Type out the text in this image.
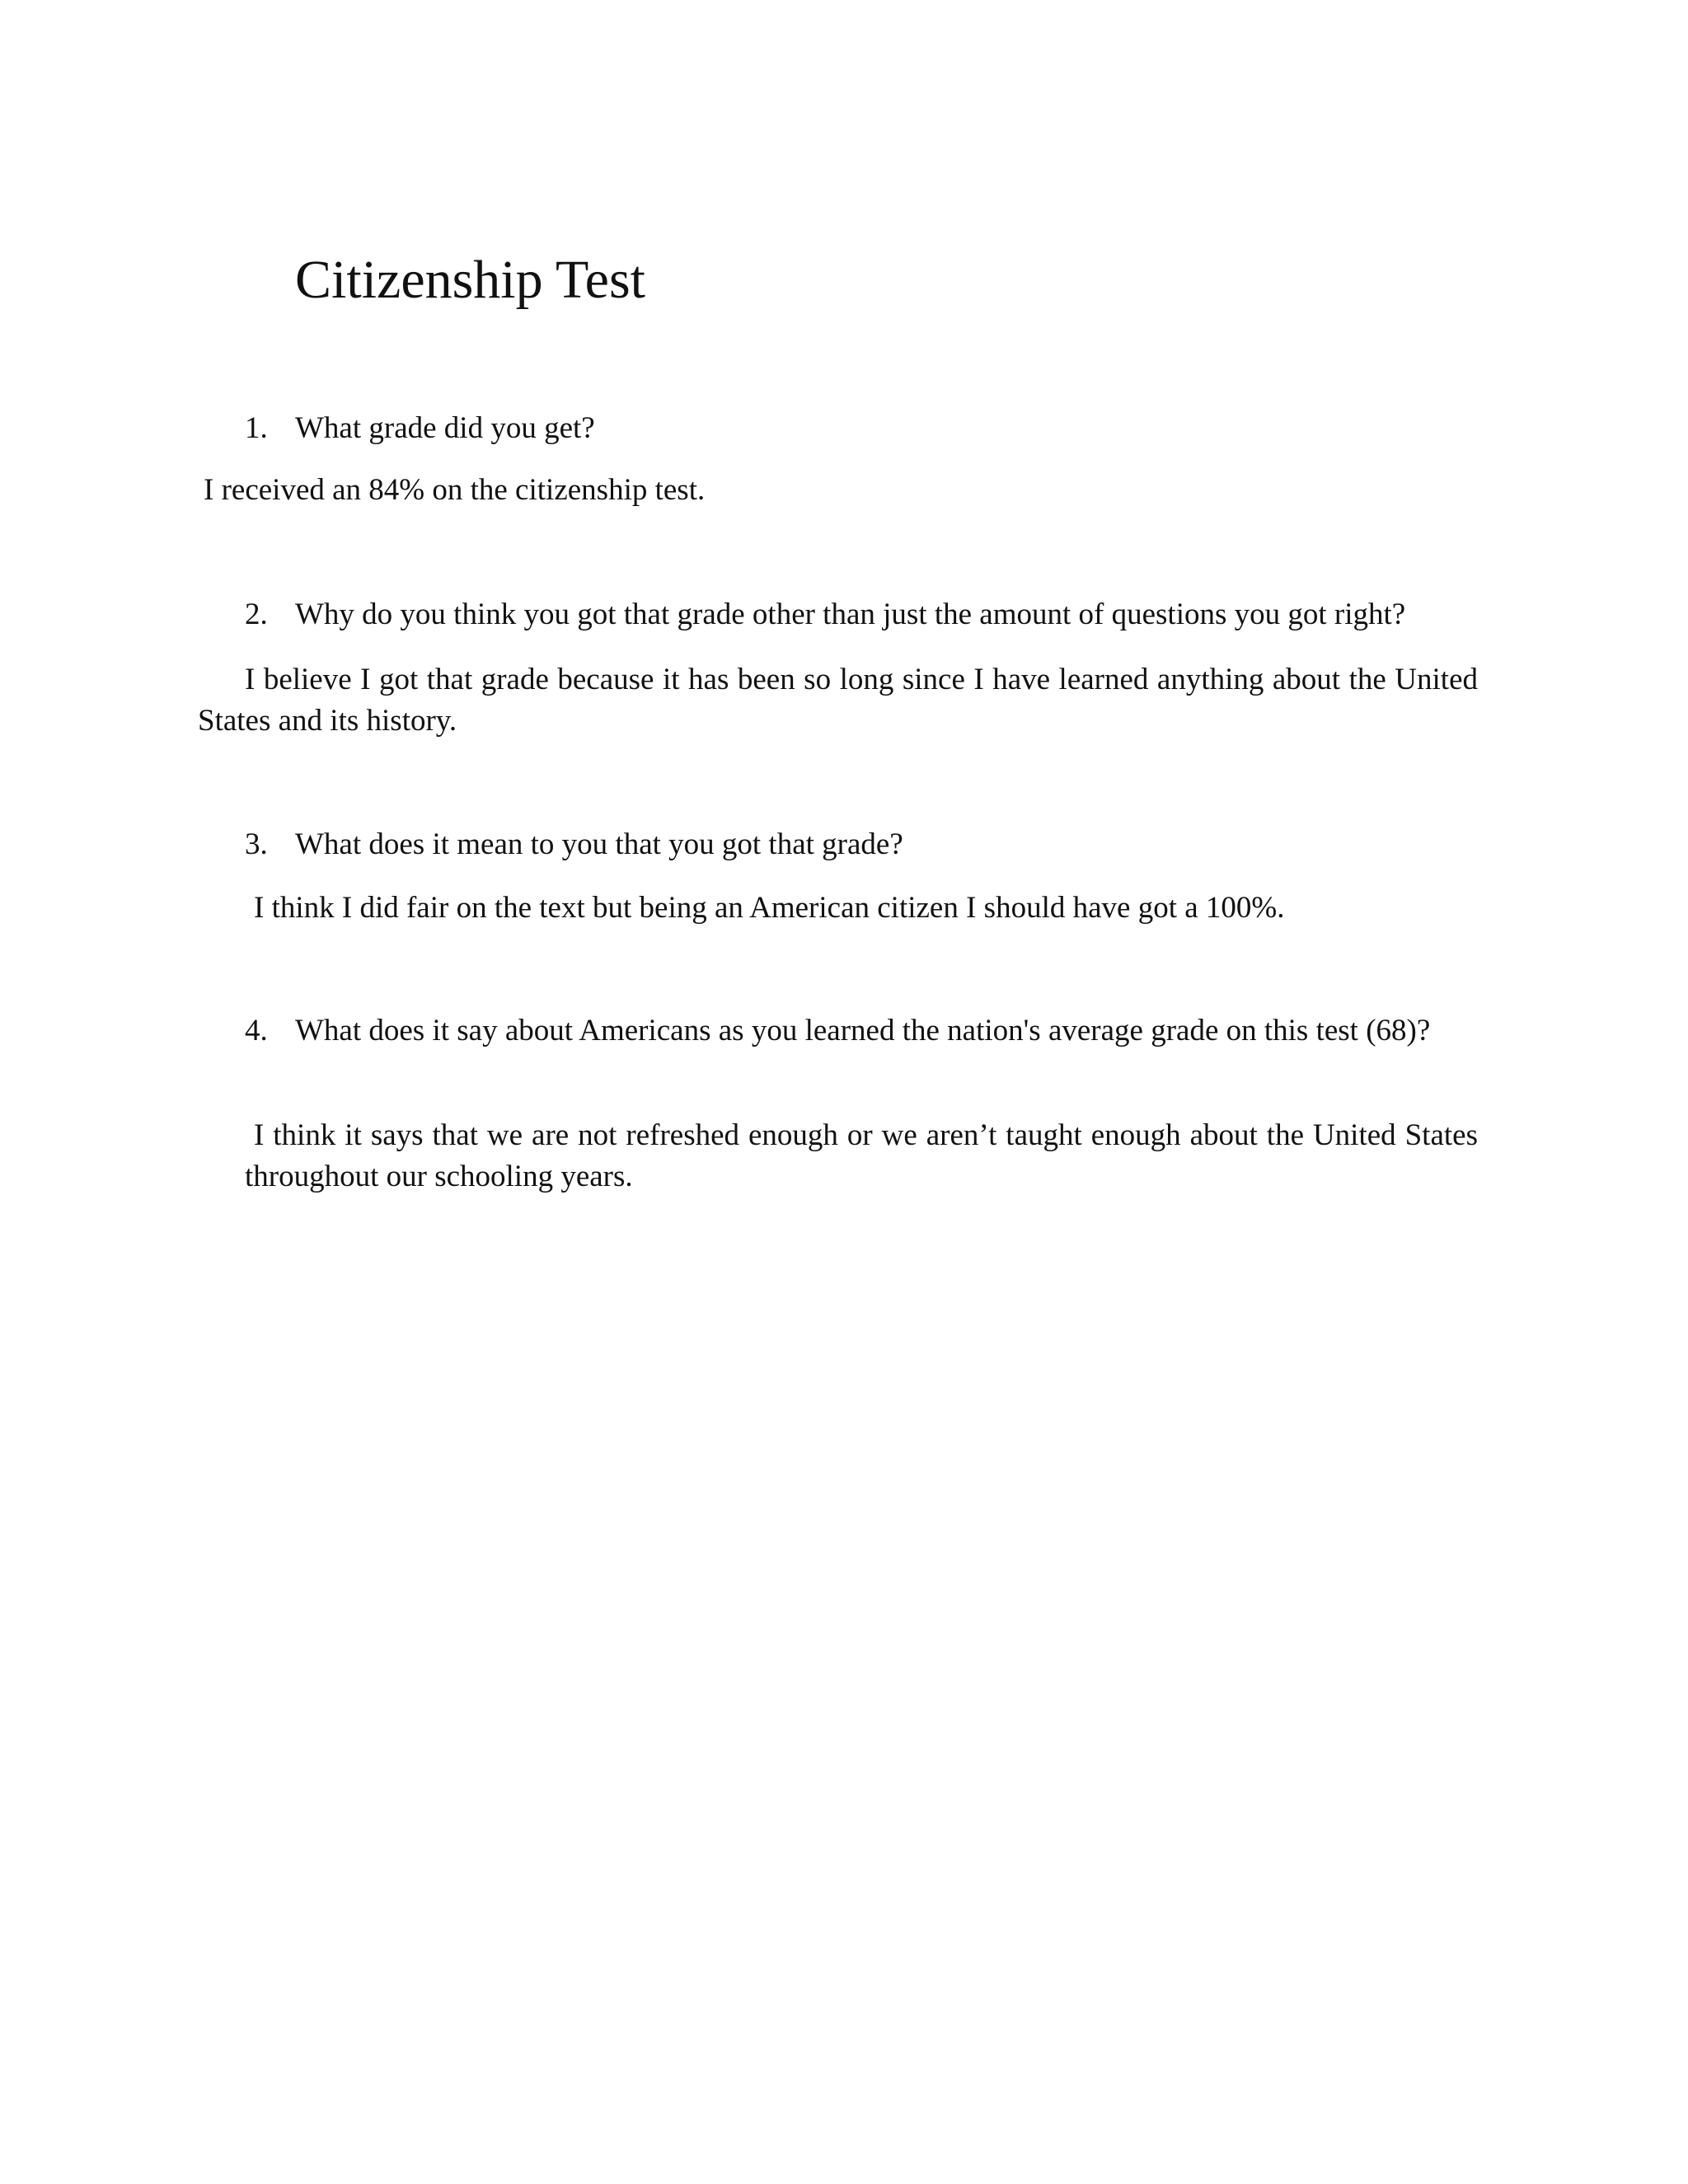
Citizenship Test
1. What grade did you get?
I received an 84% on the citizenship test.
2. Why do you think you got that grade other than just the amount of questions you got right?
I believe I got that grade because it has been so long since I have learned anything about the United States and its history.
3. What does it mean to you that you got that grade?
I think I did fair on the text but being an American citizen I should have got a 100%.
4. What does it say about Americans as you learned the nation's average grade on this test (68)?
I think it says that we are not refreshed enough or we aren’t taught enough about the United States throughout our schooling years.
